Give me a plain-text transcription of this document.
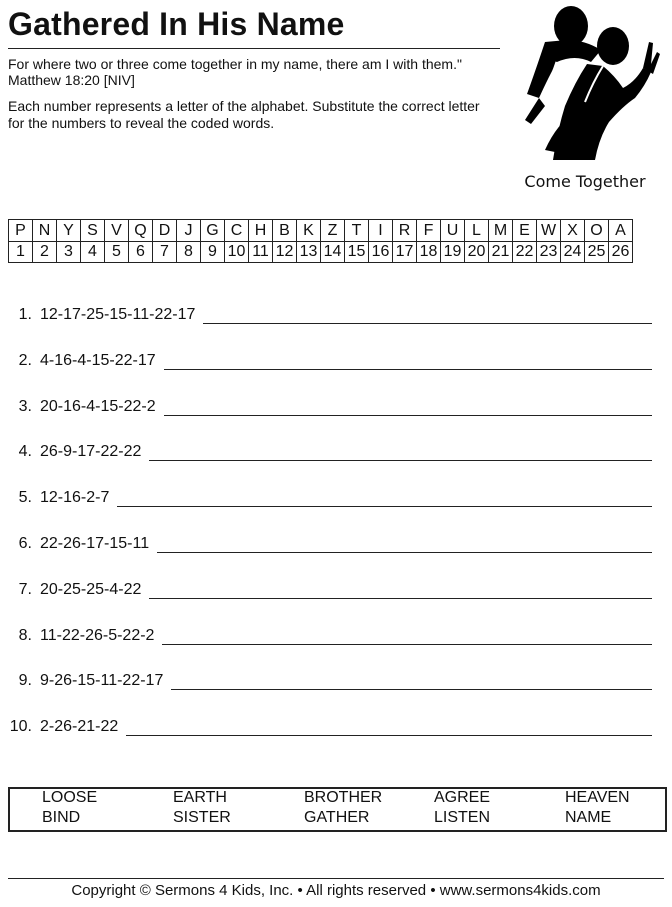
Gathered In His Name
For where two or three come together in my name, there am I with them." Matthew 18:20 [NIV]
Each number represents a letter of the alphabet. Substitute the correct letter for the numbers to reveal the coded words.
Come Together
P	N	Y	S	V	Q	D	J	G	C	H	B	K	Z	T	I	R	F	U	L	M	E	W	X	O	A
1	2	3	4	5	6	7	8	9	10	11	12	13	14	15	16	17	18	19	20	21	22	23	24	25	26
1. 12-17-25-15-11-22-17
2. 4-16-4-15-22-17
3. 20-16-4-15-22-2
4. 26-9-17-22-22
5. 12-16-2-7
6. 22-26-17-15-11
7. 20-25-25-4-22
8. 11-22-26-5-22-2
9. 9-26-15-11-22-17
10. 2-26-21-22
LOOSE	EARTH	BROTHER	AGREE	HEAVEN
BIND	SISTER	GATHER	LISTEN	NAME
Copyright © Sermons 4 Kids, Inc. • All rights reserved • www.sermons4kids.com
